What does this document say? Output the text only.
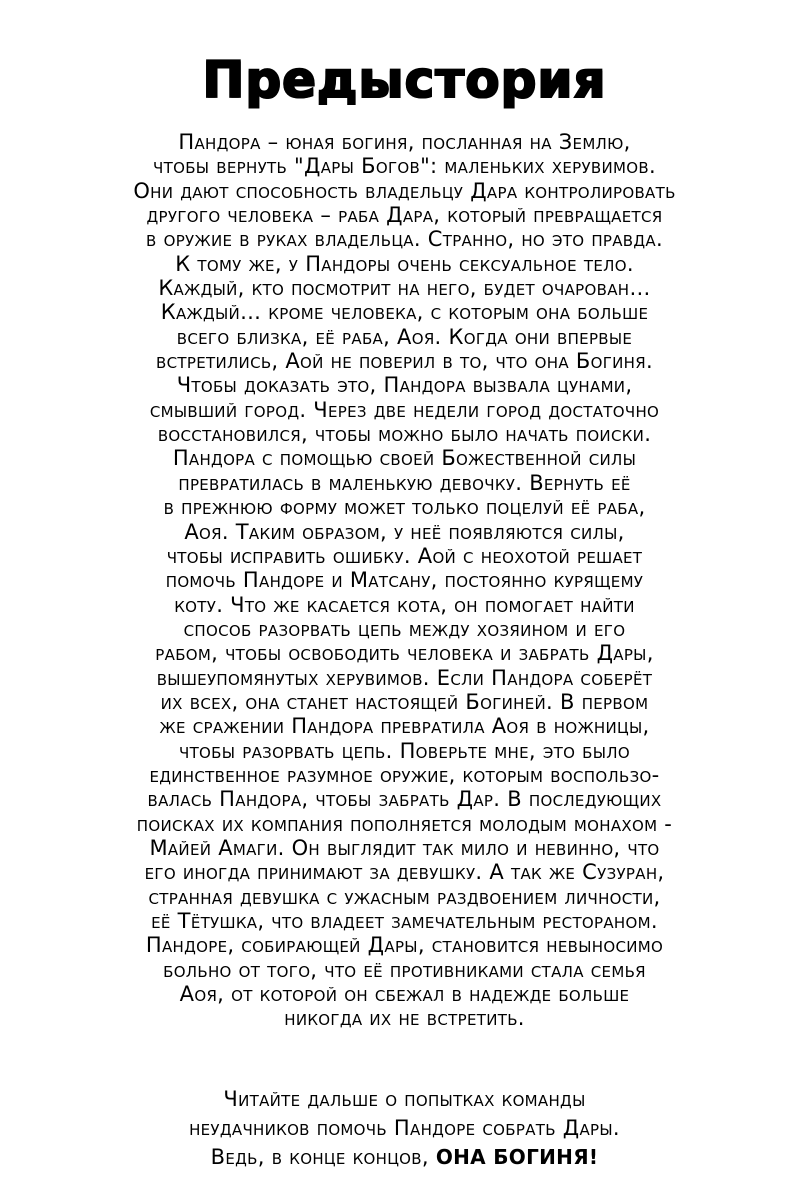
Предыстория
Пандора – юная богиня, посланная на Землю,
чтобы вернуть "Дары Богов": маленьких херувимов.
Они дают способность владельцу Дара контролировать
другого человека – раба Дара, который превращается
в оружие в руках владельца. Странно, но это правда.
К тому же, у Пандоры очень сексуальное тело.
Каждый, кто посмотрит на него, будет очарован…
Каждый… кроме человека, с которым она больше
всего близка, её раба, Аоя. Когда они впервые
встретились, Аой не поверил в то, что она Богиня.
Чтобы доказать это, Пандора вызвала цунами,
смывший город. Через две недели город достаточно
восстановился, чтобы можно было начать поиски.
Пандора с помощью своей Божественной силы
превратилась в маленькую девочку. Вернуть её
в прежнюю форму может только поцелуй её раба,
Аоя. Таким образом, у неё появляются силы,
чтобы исправить ошибку. Аой с неохотой решает
помочь Пандоре и Матсану, постоянно курящему
коту. Что же касается кота, он помогает найти
способ разорвать цепь между хозяином и его
рабом, чтобы освободить человека и забрать Дары,
вышеупомянутых херувимов. Если Пандора соберёт
их всех, она станет настоящей Богиней. В первом
же сражении Пандора превратила Аоя в ножницы,
чтобы разорвать цепь. Поверьте мне, это было
единственное разумное оружие, которым воспользо-
валась Пандора, чтобы забрать Дар. В последующих
поисках их компания пополняется молодым монахом -
Майей Амаги. Он выглядит так мило и невинно, что
его иногда принимают за девушку. А так же Сузуран,
странная девушка с ужасным раздвоением личности,
её Тётушка, что владеет замечательным рестораном.
Пандоре, собирающей Дары, становится невыносимо
больно от того, что её противниками стала семья
Аоя, от которой он сбежал в надежде больше
никогда их не встретить.
Читайте дальше о попытках команды
неудачников помочь Пандоре собрать Дары.
Ведь, в конце концов, ОНА БОГИНЯ!
